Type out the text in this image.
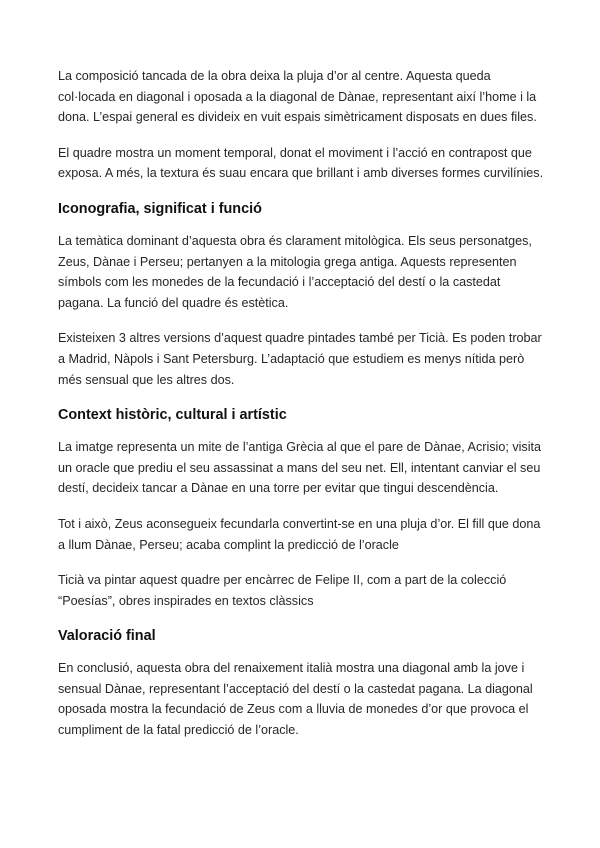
La composició tancada de la obra deixa la pluja d’or al centre. Aquesta queda col·locada en diagonal i oposada a la diagonal de Dànae, representant així l’home i la dona. L’espai general es divideix en vuit espais simètricament disposats en dues files.

El quadre mostra un moment temporal, donat el moviment i l’acció en contrapost que exposa. A més, la textura és suau encara que brillant i amb diverses formes curvilínies.

Iconografia, significat i funció

La temàtica dominant d’aquesta obra és clarament mitològica. Els seus personatges, Zeus, Dànae i Perseu; pertanyen a la mitologia grega antiga. Aquests representen símbols com les monedes de la fecundació i l’acceptació del destí o la castedat pagana. La funció del quadre és estètica.

Existeixen 3 altres versions d’aquest quadre pintades també per Ticià. Es poden trobar a Madrid, Nàpols i Sant Petersburg. L’adaptació que estudiem es menys nítida però més sensual que les altres dos.

Context històric, cultural i artístic

La imatge representa un mite de l’antiga Grècia al que el pare de Dànae, Acrisio; visita un oracle que prediu el seu assassinat a mans del seu net. Ell, intentant canviar el seu destí, decideix tancar a Dànae en una torre per evitar que tingui descendència.

Tot i això, Zeus aconsegueix fecundarla convertint-se en una pluja d’or. El fill que dona a llum Dànae, Perseu; acaba complint la predicció de l’oracle

Ticià va pintar aquest quadre per encàrrec de Felipe II, com a part de la colecció “Poesías”, obres inspirades en textos clàssics

Valoració final

En conclusió, aquesta obra del renaixement italià mostra una diagonal amb la jove i sensual Dànae, representant l’acceptació del destí o la castedat pagana. La diagonal oposada mostra la fecundació de Zeus com a lluvia de monedes d’or que provoca el cumpliment de la fatal predicció de l’oracle.
